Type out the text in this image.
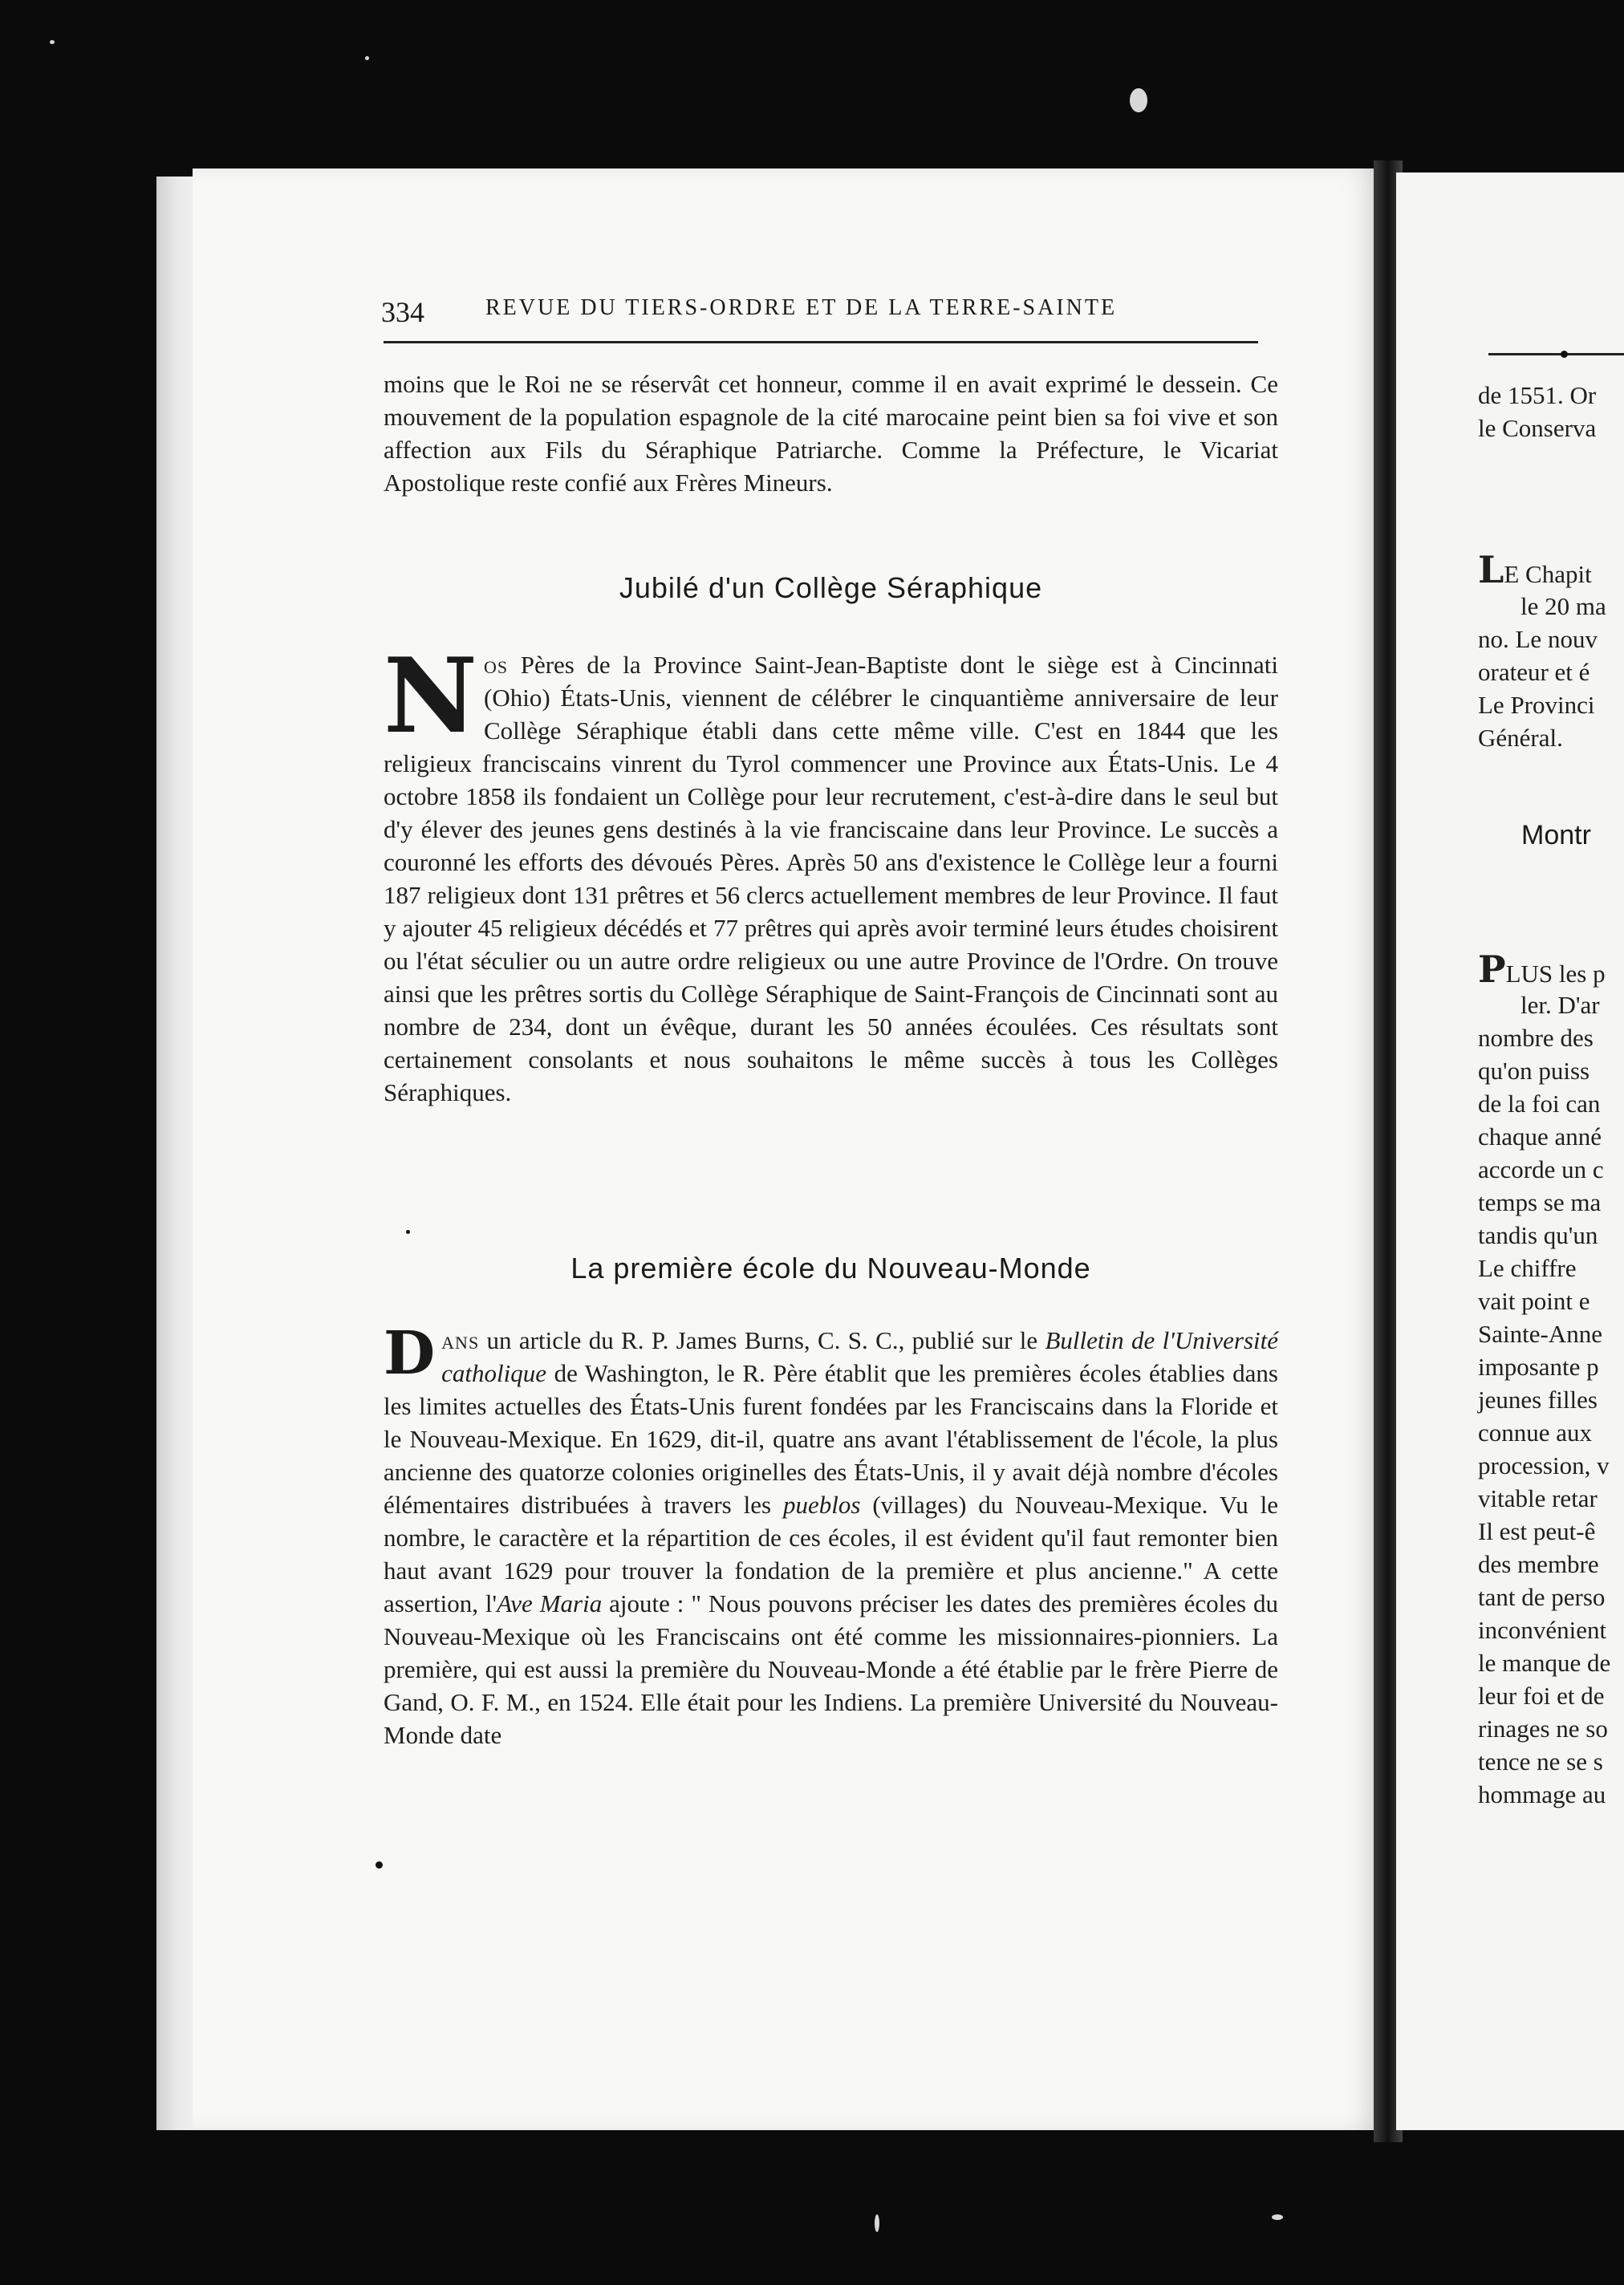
334	REVUE DU TIERS-ORDRE ET DE LA TERRE-SAINTE

moins que le Roi ne se réservât cet honneur, comme il en avait exprimé le dessein. Ce mouvement de la population espagnole de la cité marocaine peint bien sa foi vive et son affection aux Fils du Séraphique Patriarche. Comme la Préfecture, le Vicariat Apostolique reste confié aux Frères Mineurs.

Jubilé d'un Collège Séraphique

Nos Pères de la Province Saint-Jean-Baptiste dont le siège est à Cincinnati (Ohio) États-Unis, viennent de célébrer le cinquantième anniversaire de leur Collège Séraphique établi dans cette même ville. C'est en 1844 que les religieux franciscains vinrent du Tyrol commencer une Province aux États-Unis. Le 4 octobre 1858 ils fondaient un Collège pour leur recrutement, c'est-à-dire dans le seul but d'y élever des jeunes gens destinés à la vie franciscaine dans leur Province. Le succès a couronné les efforts des dévoués Pères. Après 50 ans d'existence le Collège leur a fourni 187 religieux dont 131 prêtres et 56 clercs actuellement membres de leur Province. Il faut y ajouter 45 religieux décédés et 77 prêtres qui après avoir terminé leurs études choisirent ou l'état séculier ou un autre ordre religieux ou une autre Province de l'Ordre. On trouve ainsi que les prêtres sortis du Collège Séraphique de Saint-François de Cincinnati sont au nombre de 234, dont un évêque, durant les 50 années écoulées. Ces résultats sont certainement consolants et nous souhaitons le même succès à tous les Collèges Séraphiques.

La première école du Nouveau-Monde

Dans un article du R. P. James Burns, C. S. C., publié sur le Bulletin de l'Université catholique de Washington, le R. Père établit que les premières écoles établies dans les limites actuelles des États-Unis furent fondées par les Franciscains dans la Floride et le Nouveau-Mexique. En 1629, dit-il, quatre ans avant l'établissement de l'école, la plus ancienne des quatorze colonies originelles des États-Unis, il y avait déjà nombre d'écoles élémentaires distribuées à travers les pueblos (villages) du Nouveau-Mexique. Vu le nombre, le caractère et la répartition de ces écoles, il est évident qu'il faut remonter bien haut avant 1629 pour trouver la fondation de la première et plus ancienne." A cette assertion, l'Ave Maria ajoute : " Nous pouvons préciser les dates des premières écoles du Nouveau-Mexique où les Franciscains ont été comme les missionnaires-pionniers. La première, qui est aussi la première du Nouveau-Monde a été établie par le frère Pierre de Gand, O. F. M., en 1524. Elle était pour les Indiens. La première Université du Nouveau-Monde date

de 1551. Or
le Conserva
LE Chapit
le 20 ma
no. Le nouv
orateur et é
Le Provinci
Général.
Montr
PLUS les p
ler. D'ar
nombre des
qu'on puiss
de la foi can
chaque anné
accorde un c
temps se ma
tandis qu'un
Le chiffre
vait point e
Sainte-Anne
imposante p
jeunes filles
connue aux
procession, v
vitable retar
Il est peut-ê
des membre
tant de perso
inconvénient
le manque de
leur foi et de
rinages ne so
tence ne se s
hommage au
